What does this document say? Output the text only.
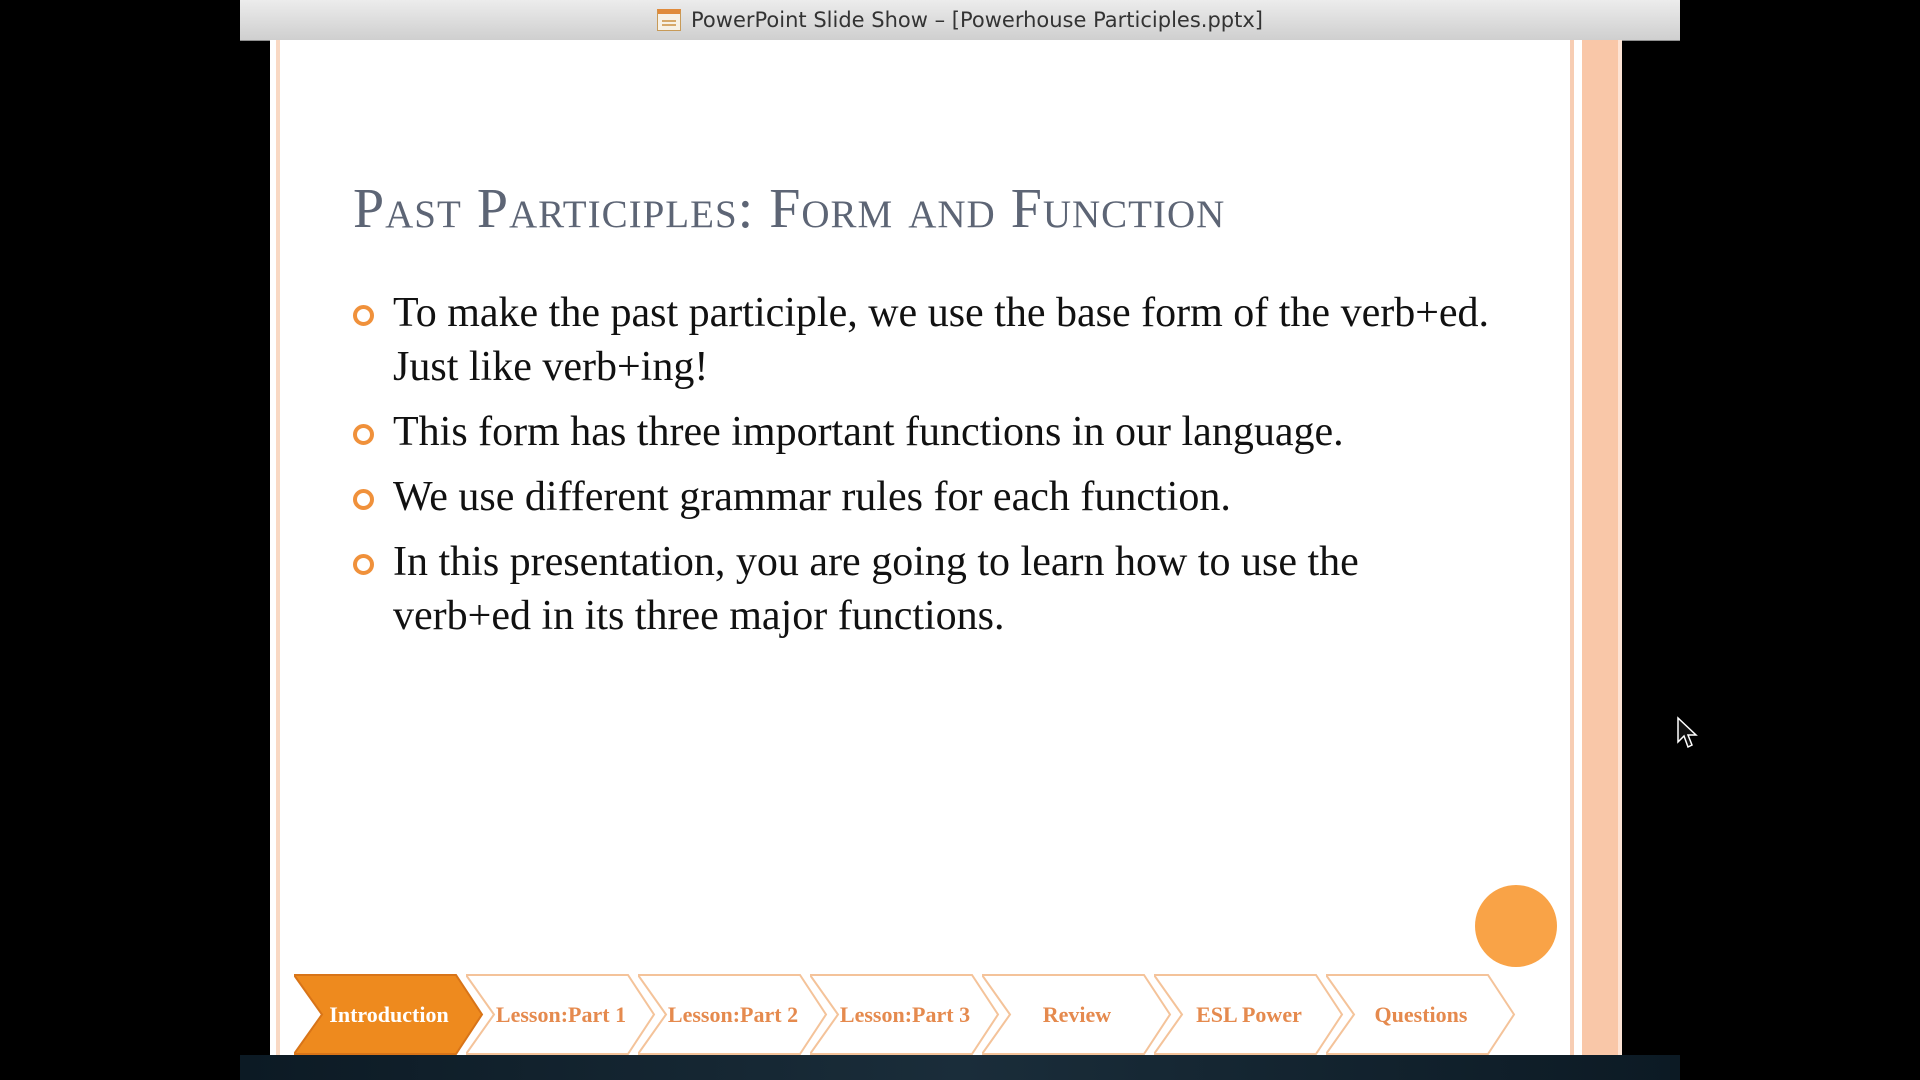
PowerPoint Slide Show – [Powerhouse Participles.pptx]
Past Participles: Form and Function
To make the past participle, we use the base form of the verb+ed. Just like verb+ing!
This form has three important functions in our language.
We use different grammar rules for each function.
In this presentation, you are going to learn how to use the verb+ed in its three major functions.
Introduction Lesson: Part 1 Lesson: Part 2 Lesson: Part 3	Review	ESL Power	Questions
